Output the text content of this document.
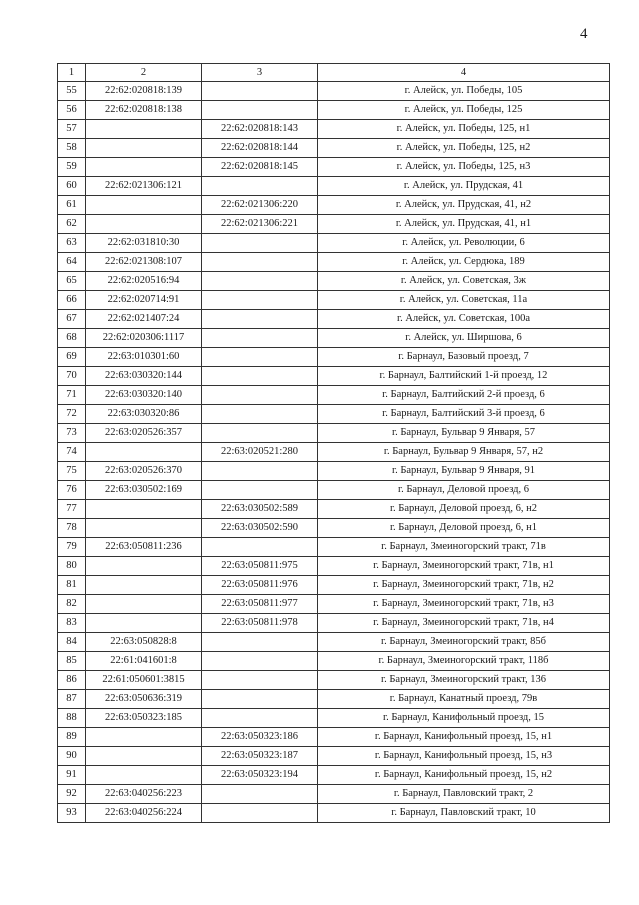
4
1	2	3	4
55	22:62:020818:139		г. Алейск, ул. Победы, 105
56	22:62:020818:138		г. Алейск, ул. Победы, 125
57		22:62:020818:143	г. Алейск, ул. Победы, 125, н1
58		22:62:020818:144	г. Алейск, ул. Победы, 125, н2
59		22:62:020818:145	г. Алейск, ул. Победы, 125, н3
60	22:62:021306:121		г. Алейск, ул. Прудская, 41
61		22:62:021306:220	г. Алейск, ул. Прудская, 41, н2
62		22:62:021306:221	г. Алейск, ул. Прудская, 41, н1
63	22:62:031810:30		г. Алейск, ул. Революции, 6
64	22:62:021308:107		г. Алейск, ул. Сердюка, 189
65	22:62:020516:94		г. Алейск, ул. Советская, 3ж
66	22:62:020714:91		г. Алейск, ул. Советская, 11а
67	22:62:021407:24		г. Алейск, ул. Советская, 100а
68	22:62:020306:1117		г. Алейск, ул. Ширшова, 6
69	22:63:010301:60		г. Барнаул, Базовый проезд, 7
70	22:63:030320:144		г. Барнаул, Балтийский 1-й проезд, 12
71	22:63:030320:140		г. Барнаул, Балтийский 2-й проезд, 6
72	22:63:030320:86		г. Барнаул, Балтийский 3-й проезд, 6
73	22:63:020526:357		г. Барнаул, Бульвар 9 Января, 57
74		22:63:020521:280	г. Барнаул, Бульвар 9 Января, 57, н2
75	22:63:020526:370		г. Барнаул, Бульвар 9 Января, 91
76	22:63:030502:169		г. Барнаул, Деловой проезд, 6
77		22:63:030502:589	г. Барнаул, Деловой проезд, 6, н2
78		22:63:030502:590	г. Барнаул, Деловой проезд, 6, н1
79	22:63:050811:236		г. Барнаул, Змеиногорский тракт, 71в
80		22:63:050811:975	г. Барнаул, Змеиногорский тракт, 71в, н1
81		22:63:050811:976	г. Барнаул, Змеиногорский тракт, 71в, н2
82		22:63:050811:977	г. Барнаул, Змеиногорский тракт, 71в, н3
83		22:63:050811:978	г. Барнаул, Змеиногорский тракт, 71в, н4
84	22:63:050828:8		г. Барнаул, Змеиногорский тракт, 85б
85	22:61:041601:8		г. Барнаул, Змеиногорский тракт, 118б
86	22:61:050601:3815		г. Барнаул, Змеиногорский тракт, 136
87	22:63:050636:319		г. Барнаул, Канатный проезд, 79в
88	22:63:050323:185		г. Барнаул, Канифольный проезд, 15
89		22:63:050323:186	г. Барнаул, Канифольный проезд, 15, н1
90		22:63:050323:187	г. Барнаул, Канифольный проезд, 15, н3
91		22:63:050323:194	г. Барнаул, Канифольный проезд, 15, н2
92	22:63:040256:223		г. Барнаул, Павловский тракт, 2
93	22:63:040256:224		г. Барнаул, Павловский тракт, 10
